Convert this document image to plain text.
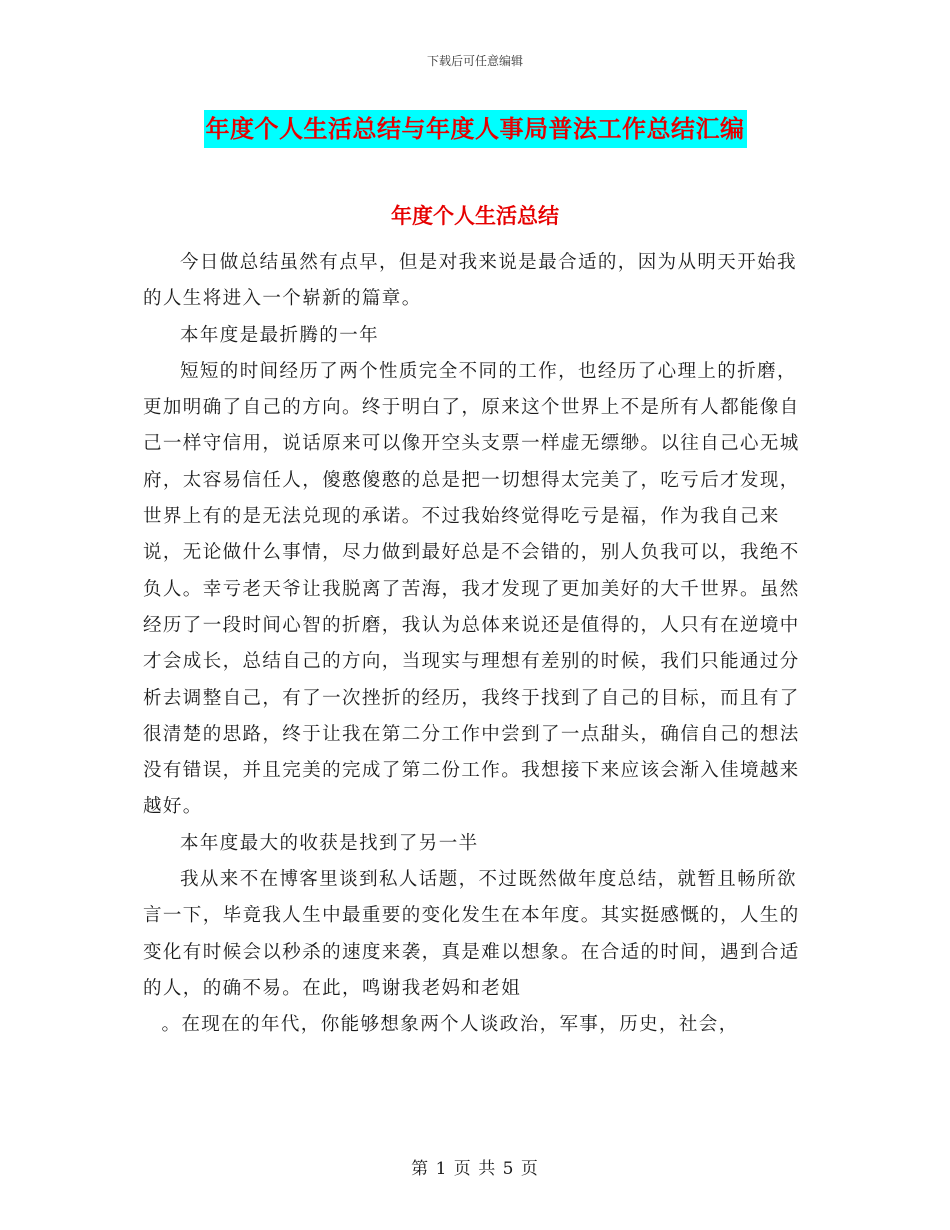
下载后可任意编辑
年度个人生活总结与年度人事局普法工作总结汇编
年度个人生活总结

今日做总结虽然有点早，但是对我来说是最合适的，因为从明天开始我的人生将进入一个崭新的篇章。

本年度是最折腾的一年

短短的时间经历了两个性质完全不同的工作，也经历了心理上的折磨，更加明确了自己的方向。终于明白了，原来这个世界上不是所有人都能像自己一样守信用，说话原来可以像开空头支票一样虚无缥缈。以往自己心无城府，太容易信任人，傻憨傻憨的总是把一切想得太完美了，吃亏后才发现，世界上有的是无法兑现的承诺。不过我始终觉得吃亏是福，作为我自己来说，无论做什么事情，尽力做到最好总是不会错的，别人负我可以，我绝不负人。幸亏老天爷让我脱离了苦海，我才发现了更加美好的大千世界。虽然经历了一段时间心智的折磨，我认为总体来说还是值得的，人只有在逆境中才会成长，总结自己的方向，当现实与理想有差别的时候，我们只能通过分析去调整自己，有了一次挫折的经历，我终于找到了自己的目标，而且有了很清楚的思路，终于让我在第二分工作中尝到了一点甜头，确信自己的想法没有错误，并且完美的完成了第二份工作。我想接下来应该会渐入佳境越来越好。

本年度最大的收获是找到了另一半

我从来不在博客里谈到私人话题，不过既然做年度总结，就暂且畅所欲言一下，毕竟我人生中最重要的变化发生在本年度。其实挺感慨的，人生的变化有时候会以秒杀的速度来袭，真是难以想象。在合适的时间，遇到合适的人，的确不易。在此，鸣谢我老妈和老姐

。在现在的年代，你能够想象两个人谈政治，军事，历史，社会，

第 1 页 共 5 页
